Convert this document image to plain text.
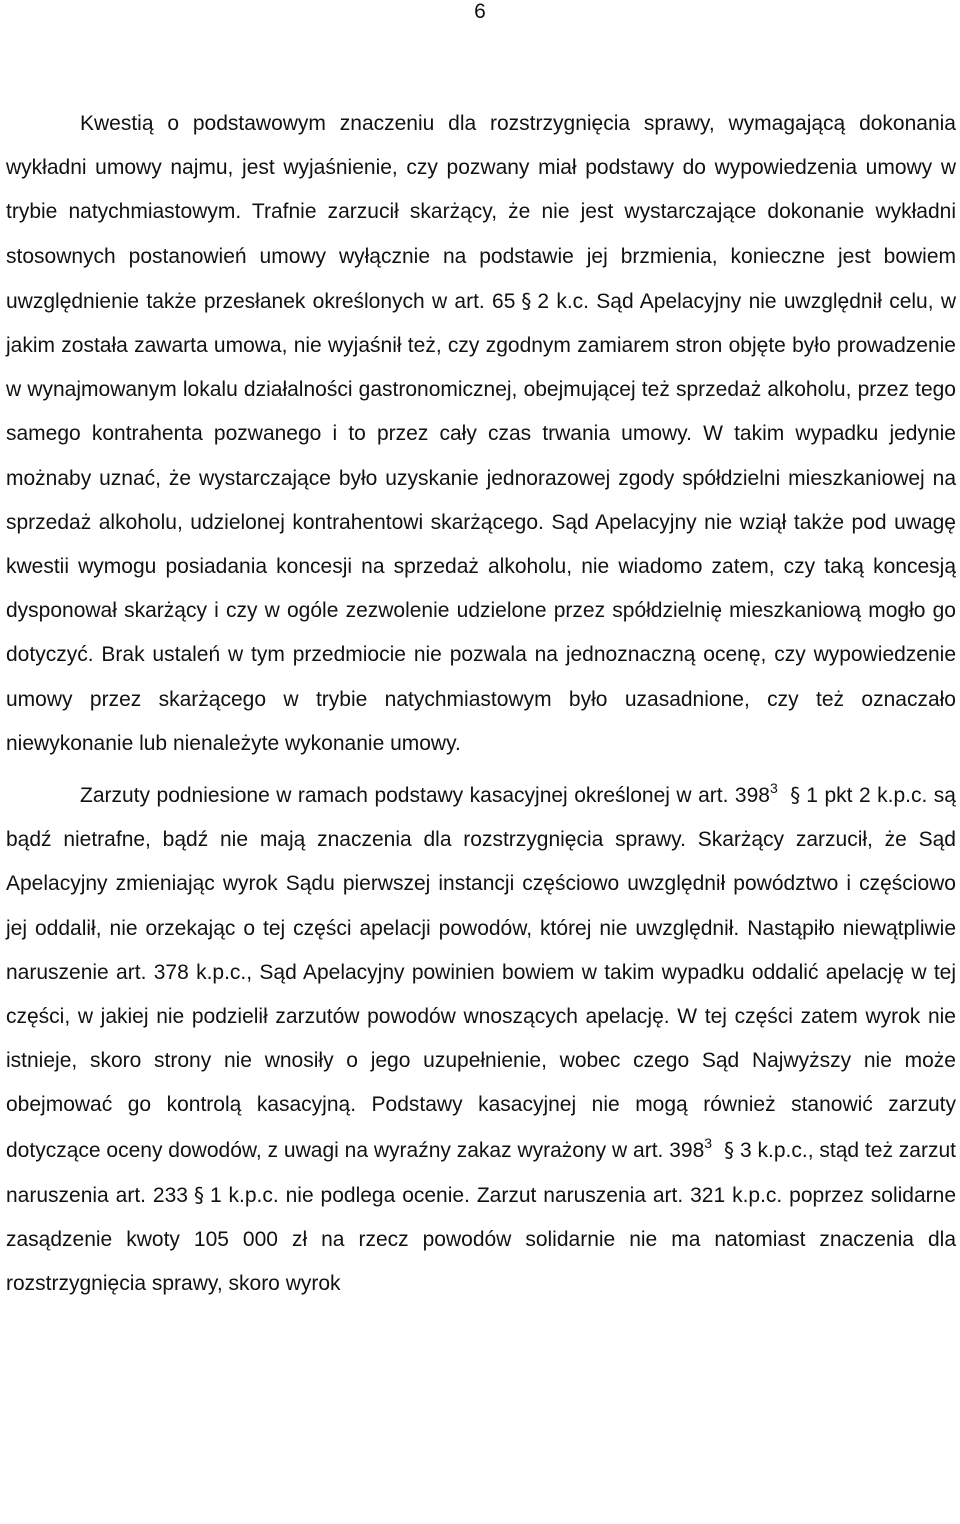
6

Kwestią o podstawowym znaczeniu dla rozstrzygnięcia sprawy, wymagającą dokonania wykładni umowy najmu, jest wyjaśnienie, czy pozwany miał podstawy do wypowiedzenia umowy w trybie natychmiastowym. Trafnie zarzucił skarżący, że nie jest wystarczające dokonanie wykładni stosownych postanowień umowy wyłącznie na podstawie jej brzmienia, konieczne jest bowiem uwzględnienie także przesłanek określonych w art. 65 § 2 k.c. Sąd Apelacyjny nie uwzględnił celu, w jakim została zawarta umowa, nie wyjaśnił też, czy zgodnym zamiarem stron objęte było prowadzenie w wynajmowanym lokalu działalności gastronomicznej, obejmującej też sprzedaż alkoholu, przez tego samego kontrahenta pozwanego i to przez cały czas trwania umowy. W takim wypadku jedynie możnaby uznać, że wystarczające było uzyskanie jednorazowej zgody spółdzielni mieszkaniowej na sprzedaż alkoholu, udzielonej kontrahentowi skarżącego. Sąd Apelacyjny nie wziął także pod uwagę kwestii wymogu posiadania koncesji na sprzedaż alkoholu, nie wiadomo zatem, czy taką koncesją dysponował skarżący i czy w ogóle zezwolenie udzielone przez spółdzielnię mieszkaniową mogło go dotyczyć. Brak ustaleń w tym przedmiocie nie pozwala na jednoznaczną ocenę, czy wypowiedzenie umowy przez skarżącego w trybie natychmiastowym było uzasadnione, czy też oznaczało niewykonanie lub nienależyte wykonanie umowy.

Zarzuty podniesione w ramach podstawy kasacyjnej określonej w art. $398^3$ § 1 pkt 2 k.p.c. są bądź nietrafne, bądź nie mają znaczenia dla rozstrzygnięcia sprawy. Skarżący zarzucił, że Sąd Apelacyjny zmieniając wyrok Sądu pierwszej instancji częściowo uwzględnił powództwo i częściowo jej oddalił, nie orzekając o tej części apelacji powodów, której nie uwzględnił. Nastąpiło niewątpliwie naruszenie art. 378 k.p.c., Sąd Apelacyjny powinien bowiem w takim wypadku oddalić apelację w tej części, w jakiej nie podzielił zarzutów powodów wnoszących apelację. W tej części zatem wyrok nie istnieje, skoro strony nie wnosiły o jego uzupełnienie, wobec czego Sąd Najwyższy nie może obejmować go kontrolą kasacyjną. Podstawy kasacyjnej nie mogą również stanowić zarzuty dotyczące oceny dowodów, z uwagi na wyraźny zakaz wyrażony w art. $398^3$ § 3 k.p.c., stąd też zarzut naruszenia art. 233 § 1 k.p.c. nie podlega ocenie. Zarzut naruszenia art. 321 k.p.c. poprzez solidarne zasądzenie kwoty 105 000 zł na rzecz powodów solidarnie nie ma natomiast znaczenia dla rozstrzygnięcia sprawy, skoro wyrok
